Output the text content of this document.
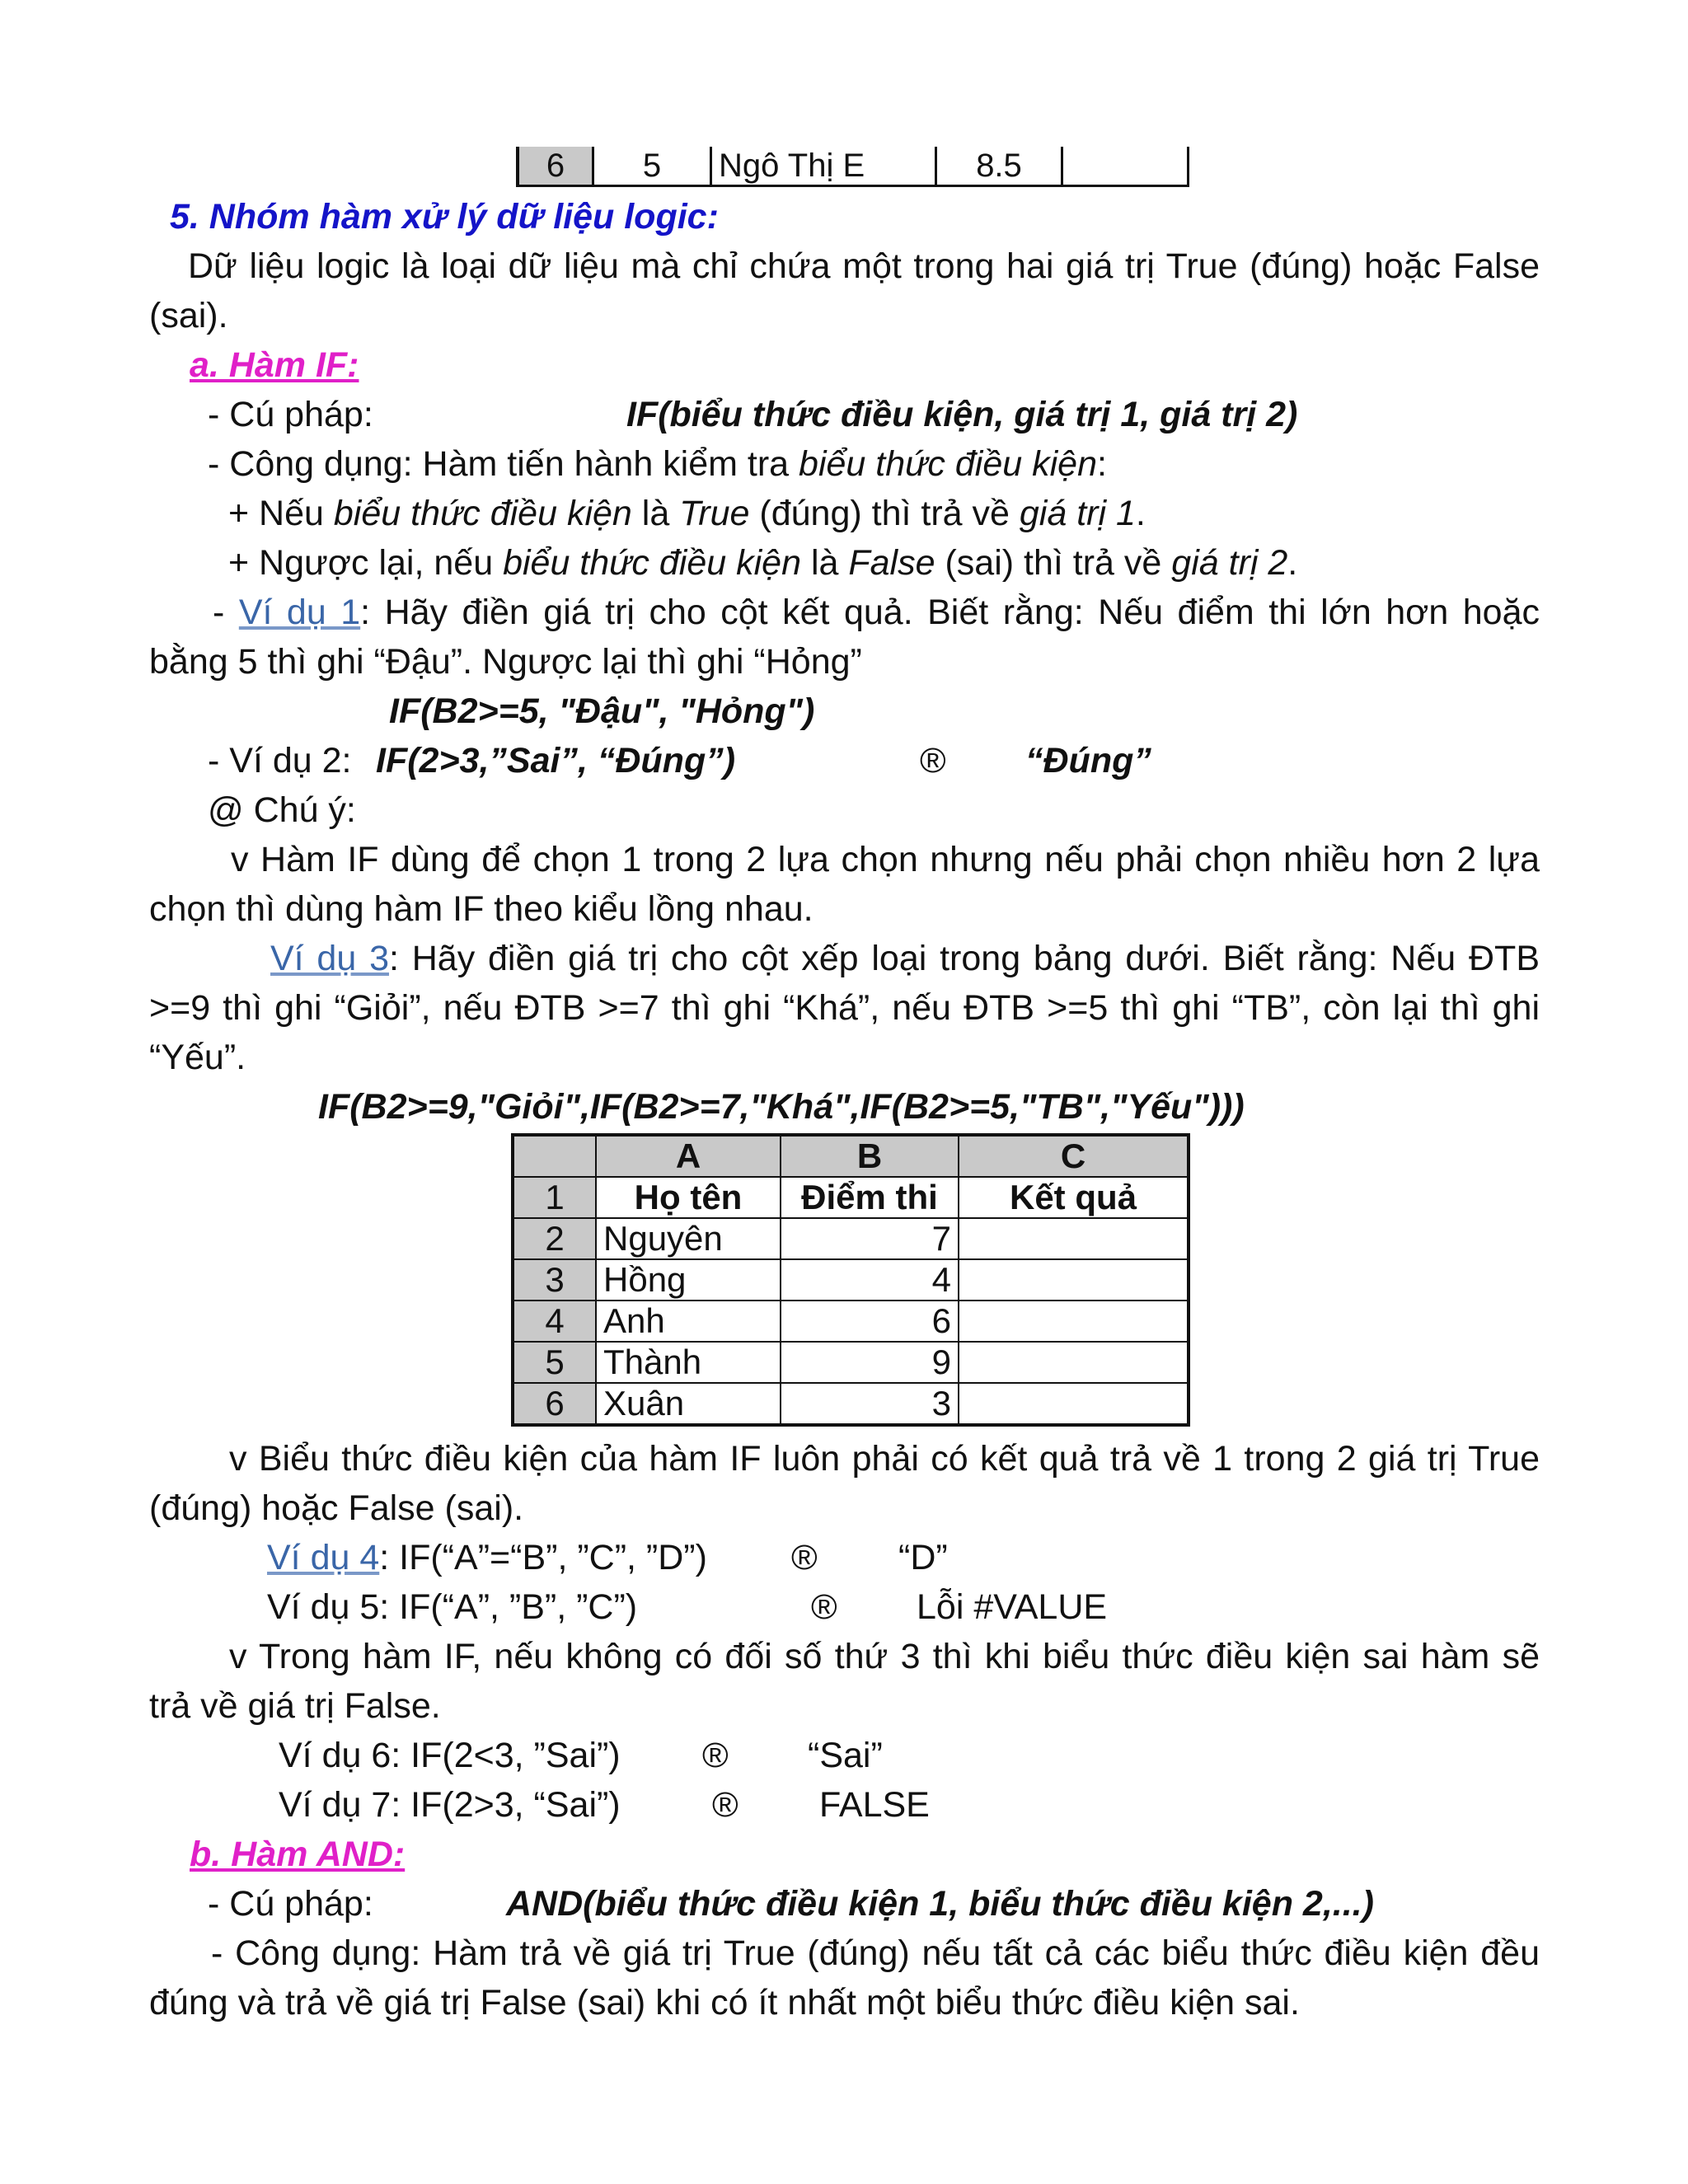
6	5	Ngô Thị E	8.5	
5. Nhóm hàm xử lý dữ liệu logic:
Dữ liệu logic là loại dữ liệu mà chỉ chứa một trong hai giá trị True (đúng) hoặc False
(sai).
a. Hàm IF:
- Cú pháp:	IF(biểu thức điều kiện, giá trị 1, giá trị 2)
- Công dụng: Hàm tiến hành kiểm tra biểu thức điều kiện:
+ Nếu biểu thức điều kiện là True (đúng) thì trả về giá trị 1.
+ Ngược lại, nếu biểu thức điều kiện là False (sai) thì trả về giá trị 2.
- Ví dụ 1: Hãy điền giá trị cho cột kết quả. Biết rằng: Nếu điểm thi lớn hơn hoặc
bằng 5 thì ghi “Đậu”. Ngược lại thì ghi “Hỏng”
IF(B2>=5, "Đậu", "Hỏng")
- Ví dụ 2: IF(2>3,”Sai”, “Đúng”)	® “Đúng”
@ Chú ý:
v Hàm IF dùng để chọn 1 trong 2 lựa chọn nhưng nếu phải chọn nhiều hơn 2 lựa
chọn thì dùng hàm IF theo kiểu lồng nhau.
Ví dụ 3: Hãy điền giá trị cho cột xếp loại trong bảng dưới. Biết rằng: Nếu ĐTB
>=9 thì ghi “Giỏi”, nếu ĐTB >=7 thì ghi “Khá”, nếu ĐTB >=5 thì ghi “TB”, còn lại thì ghi
“Yếu”.
IF(B2>=9,"Giỏi",IF(B2>=7,"Khá",IF(B2>=5,"TB","Yếu")))
	A	B	C
1	Họ tên	Điểm thi	Kết quả
2	Nguyên	7	
3	Hồng	4	
4	Anh	6	
5	Thành	9	
6	Xuân	3	
v Biểu thức điều kiện của hàm IF luôn phải có kết quả trả về 1 trong 2 giá trị True
(đúng) hoặc False (sai).
Ví dụ 4: IF(“A”=“B”, ”C”, ”D”) ® “D”
Ví dụ 5: IF(“A”, ”B”, ”C”)	® Lỗi #VALUE
v Trong hàm IF, nếu không có đối số thứ 3 thì khi biểu thức điều kiện sai hàm sẽ
trả về giá trị False.
Ví dụ 6: IF(2<3, ”Sai”) ® “Sai”
Ví dụ 7: IF(2>3, “Sai”)	® FALSE
b. Hàm AND:
- Cú pháp:	AND(biểu thức điều kiện 1, biểu thức điều kiện 2,...)
- Công dụng: Hàm trả về giá trị True (đúng) nếu tất cả các biểu thức điều kiện đều
đúng và trả về giá trị False (sai) khi có ít nhất một biểu thức điều kiện sai.
